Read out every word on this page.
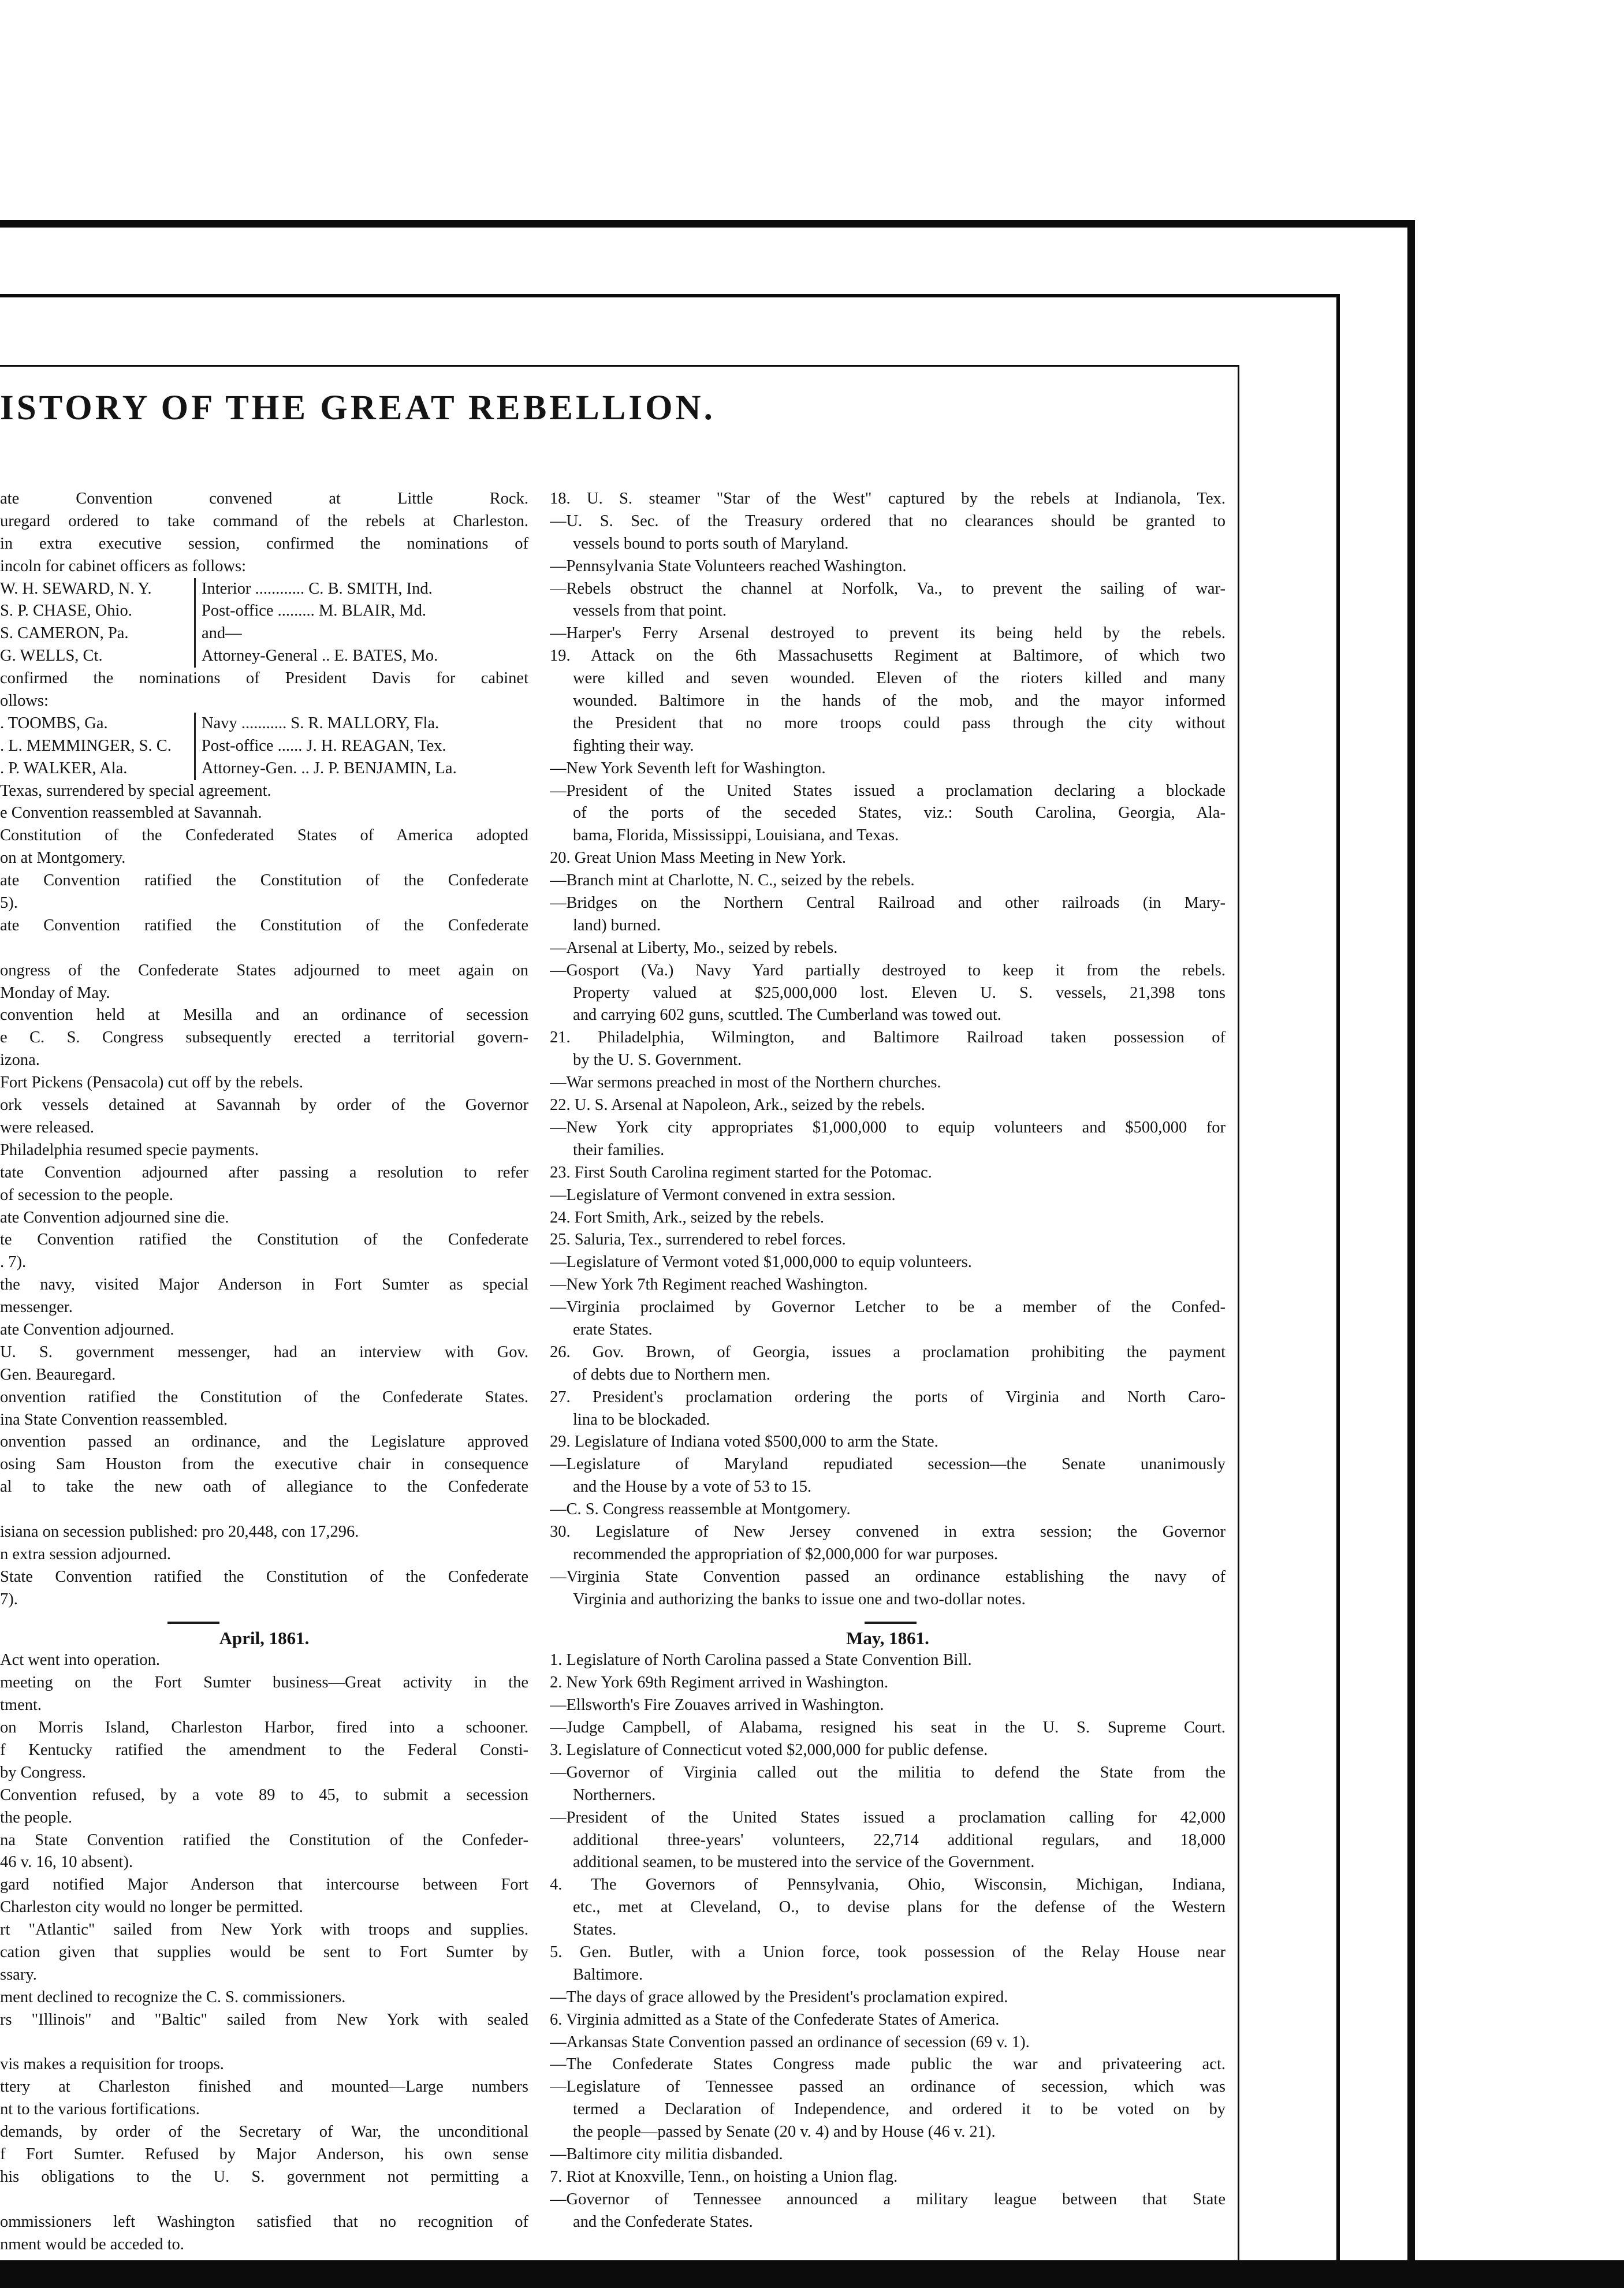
ISTORY OF THE GREAT REBELLION.
ate Convention convened at Little Rock.
uregard ordered to take command of the rebels at Charleston.
in extra executive session, confirmed the nominations of
incoln for cabinet officers as follows:
W. H. SEWARD, N. Y.	Interior ............ C. B. SMITH, Ind.
S. P. CHASE, Ohio.	Post-office ......... M. BLAIR, Md.
S. CAMERON, Pa.	and—
G. WELLS, Ct.	Attorney-General .. E. BATES, Mo.
confirmed the nominations of President Davis for cabinet
ollows:
. TOOMBS, Ga.	Navy ........... S. R. MALLORY, Fla.
. L. MEMMINGER, S. C.	Post-office ...... J. H. REAGAN, Tex.
. P. WALKER, Ala.	Attorney-Gen. .. J. P. BENJAMIN, La.
Texas, surrendered by special agreement.
e Convention reassembled at Savannah.
Constitution of the Confederated States of America adopted
on at Montgomery.
ate Convention ratified the Constitution of the Confederate
5).
ate Convention ratified the Constitution of the Confederate
ongress of the Confederate States adjourned to meet again on
Monday of May.
convention held at Mesilla and an ordinance of secession
e C. S. Congress subsequently erected a territorial govern-
izona.
Fort Pickens (Pensacola) cut off by the rebels.
ork vessels detained at Savannah by order of the Governor
were released.
Philadelphia resumed specie payments.
tate Convention adjourned after passing a resolution to refer
of secession to the people.
ate Convention adjourned sine die.
te Convention ratified the Constitution of the Confederate
. 7).
the navy, visited Major Anderson in Fort Sumter as special
messenger.
ate Convention adjourned.
U. S. government messenger, had an interview with Gov.
Gen. Beauregard.
onvention ratified the Constitution of the Confederate States.
ina State Convention reassembled.
onvention passed an ordinance, and the Legislature approved
osing Sam Houston from the executive chair in consequence
al to take the new oath of allegiance to the Confederate
isiana on secession published: pro 20,448, con 17,296.
n extra session adjourned.
State Convention ratified the Constitution of the Confederate
7).
April, 1861.
Act went into operation.
meeting on the Fort Sumter business—Great activity in the
tment.
on Morris Island, Charleston Harbor, fired into a schooner.
f Kentucky ratified the amendment to the Federal Consti-
by Congress.
Convention refused, by a vote 89 to 45, to submit a secession
the people.
na State Convention ratified the Constitution of the Confeder-
46 v. 16, 10 absent).
gard notified Major Anderson that intercourse between Fort
Charleston city would no longer be permitted.
rt "Atlantic" sailed from New York with troops and supplies.
cation given that supplies would be sent to Fort Sumter by
ssary.
ment declined to recognize the C. S. commissioners.
rs "Illinois" and "Baltic" sailed from New York with sealed
vis makes a requisition for troops.
ttery at Charleston finished and mounted—Large numbers
nt to the various fortifications.
demands, by order of the Secretary of War, the unconditional
f Fort Sumter. Refused by Major Anderson, his own sense
his obligations to the U. S. government not permitting a
ommissioners left Washington satisfied that no recognition of
nment would be acceded to.
18. U. S. steamer "Star of the West" captured by the rebels at Indianola, Tex.
—U. S. Sec. of the Treasury ordered that no clearances should be granted to
vessels bound to ports south of Maryland.
—Pennsylvania State Volunteers reached Washington.
—Rebels obstruct the channel at Norfolk, Va., to prevent the sailing of war-
vessels from that point.
—Harper's Ferry Arsenal destroyed to prevent its being held by the rebels.
19. Attack on the 6th Massachusetts Regiment at Baltimore, of which two
were killed and seven wounded. Eleven of the rioters killed and many
wounded. Baltimore in the hands of the mob, and the mayor informed
the President that no more troops could pass through the city without
fighting their way.
—New York Seventh left for Washington.
—President of the United States issued a proclamation declaring a blockade
of the ports of the seceded States, viz.: South Carolina, Georgia, Ala-
bama, Florida, Mississippi, Louisiana, and Texas.
20. Great Union Mass Meeting in New York.
—Branch mint at Charlotte, N. C., seized by the rebels.
—Bridges on the Northern Central Railroad and other railroads (in Mary-
land) burned.
—Arsenal at Liberty, Mo., seized by rebels.
—Gosport (Va.) Navy Yard partially destroyed to keep it from the rebels.
Property valued at $25,000,000 lost. Eleven U. S. vessels, 21,398 tons
and carrying 602 guns, scuttled. The Cumberland was towed out.
21. Philadelphia, Wilmington, and Baltimore Railroad taken possession of
by the U. S. Government.
—War sermons preached in most of the Northern churches.
22. U. S. Arsenal at Napoleon, Ark., seized by the rebels.
—New York city appropriates $1,000,000 to equip volunteers and $500,000 for
their families.
23. First South Carolina regiment started for the Potomac.
—Legislature of Vermont convened in extra session.
24. Fort Smith, Ark., seized by the rebels.
25. Saluria, Tex., surrendered to rebel forces.
—Legislature of Vermont voted $1,000,000 to equip volunteers.
—New York 7th Regiment reached Washington.
—Virginia proclaimed by Governor Letcher to be a member of the Confed-
erate States.
26. Gov. Brown, of Georgia, issues a proclamation prohibiting the payment
of debts due to Northern men.
27. President's proclamation ordering the ports of Virginia and North Caro-
lina to be blockaded.
29. Legislature of Indiana voted $500,000 to arm the State.
—Legislature of Maryland repudiated secession—the Senate unanimously
and the House by a vote of 53 to 15.
—C. S. Congress reassemble at Montgomery.
30. Legislature of New Jersey convened in extra session; the Governor
recommended the appropriation of $2,000,000 for war purposes.
—Virginia State Convention passed an ordinance establishing the navy of
Virginia and authorizing the banks to issue one and two-dollar notes.
May, 1861.
1. Legislature of North Carolina passed a State Convention Bill.
2. New York 69th Regiment arrived in Washington.
—Ellsworth's Fire Zouaves arrived in Washington.
—Judge Campbell, of Alabama, resigned his seat in the U. S. Supreme Court.
3. Legislature of Connecticut voted $2,000,000 for public defense.
—Governor of Virginia called out the militia to defend the State from the
Northerners.
—President of the United States issued a proclamation calling for 42,000
additional three-years' volunteers, 22,714 additional regulars, and 18,000
additional seamen, to be mustered into the service of the Government.
4. The Governors of Pennsylvania, Ohio, Wisconsin, Michigan, Indiana,
etc., met at Cleveland, O., to devise plans for the defense of the Western
States.
5. Gen. Butler, with a Union force, took possession of the Relay House near
Baltimore.
—The days of grace allowed by the President's proclamation expired.
6. Virginia admitted as a State of the Confederate States of America.
—Arkansas State Convention passed an ordinance of secession (69 v. 1).
—The Confederate States Congress made public the war and privateering act.
—Legislature of Tennessee passed an ordinance of secession, which was
termed a Declaration of Independence, and ordered it to be voted on by
the people—passed by Senate (20 v. 4) and by House (46 v. 21).
—Baltimore city militia disbanded.
7. Riot at Knoxville, Tenn., on hoisting a Union flag.
—Governor of Tennessee announced a military league between that State
and the Confederate States.
